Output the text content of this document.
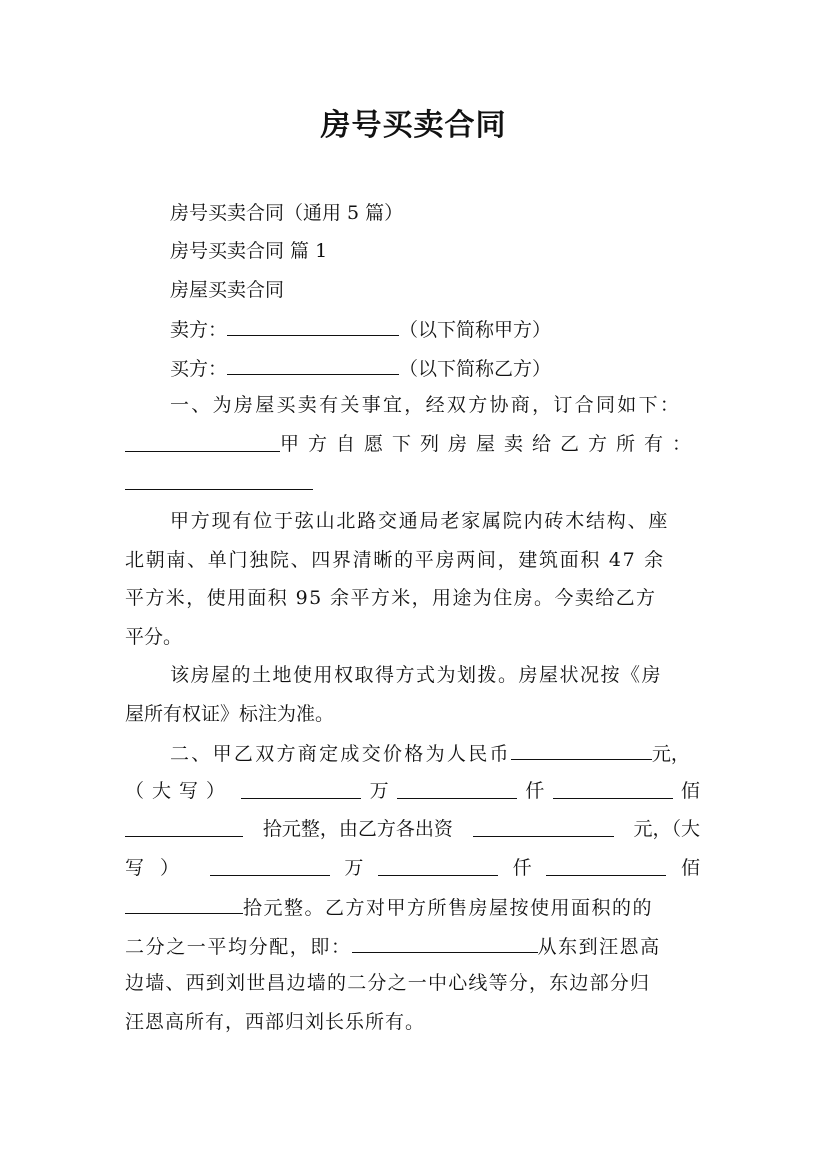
房号买卖合同
房号买卖合同（通用 5 篇）
房号买卖合同 篇 1
房屋买卖合同
卖方：	（以下简称甲方）
买方：	（以下简称乙方）
一、为房屋买卖有关事宜，经双方协商，订合同如下：
甲方自愿下列房屋卖给乙方所有：
甲方现有位于弦山北路交通局老家属院内砖木结构、座
北朝南、单门独院、四界清晰的平房两间，建筑面积 47 余
平方米，使用面积 95 余平方米，用途为住房。今卖给乙方
平分。
该房屋的土地使用权取得方式为划拨。房屋状况按《房
屋所有权证》标注为准。
二、甲乙双方商定成交价格为人民币	元，
（大写）	万	仟	佰
拾元整，由乙方各出资	元，（大
写）	万	仟	佰
拾元整。乙方对甲方所售房屋按使用面积的的
二分之一平均分配，即：	从东到汪恩高
边墙、西到刘世昌边墙的二分之一中心线等分，东边部分归
汪恩高所有，西部归刘长乐所有。
